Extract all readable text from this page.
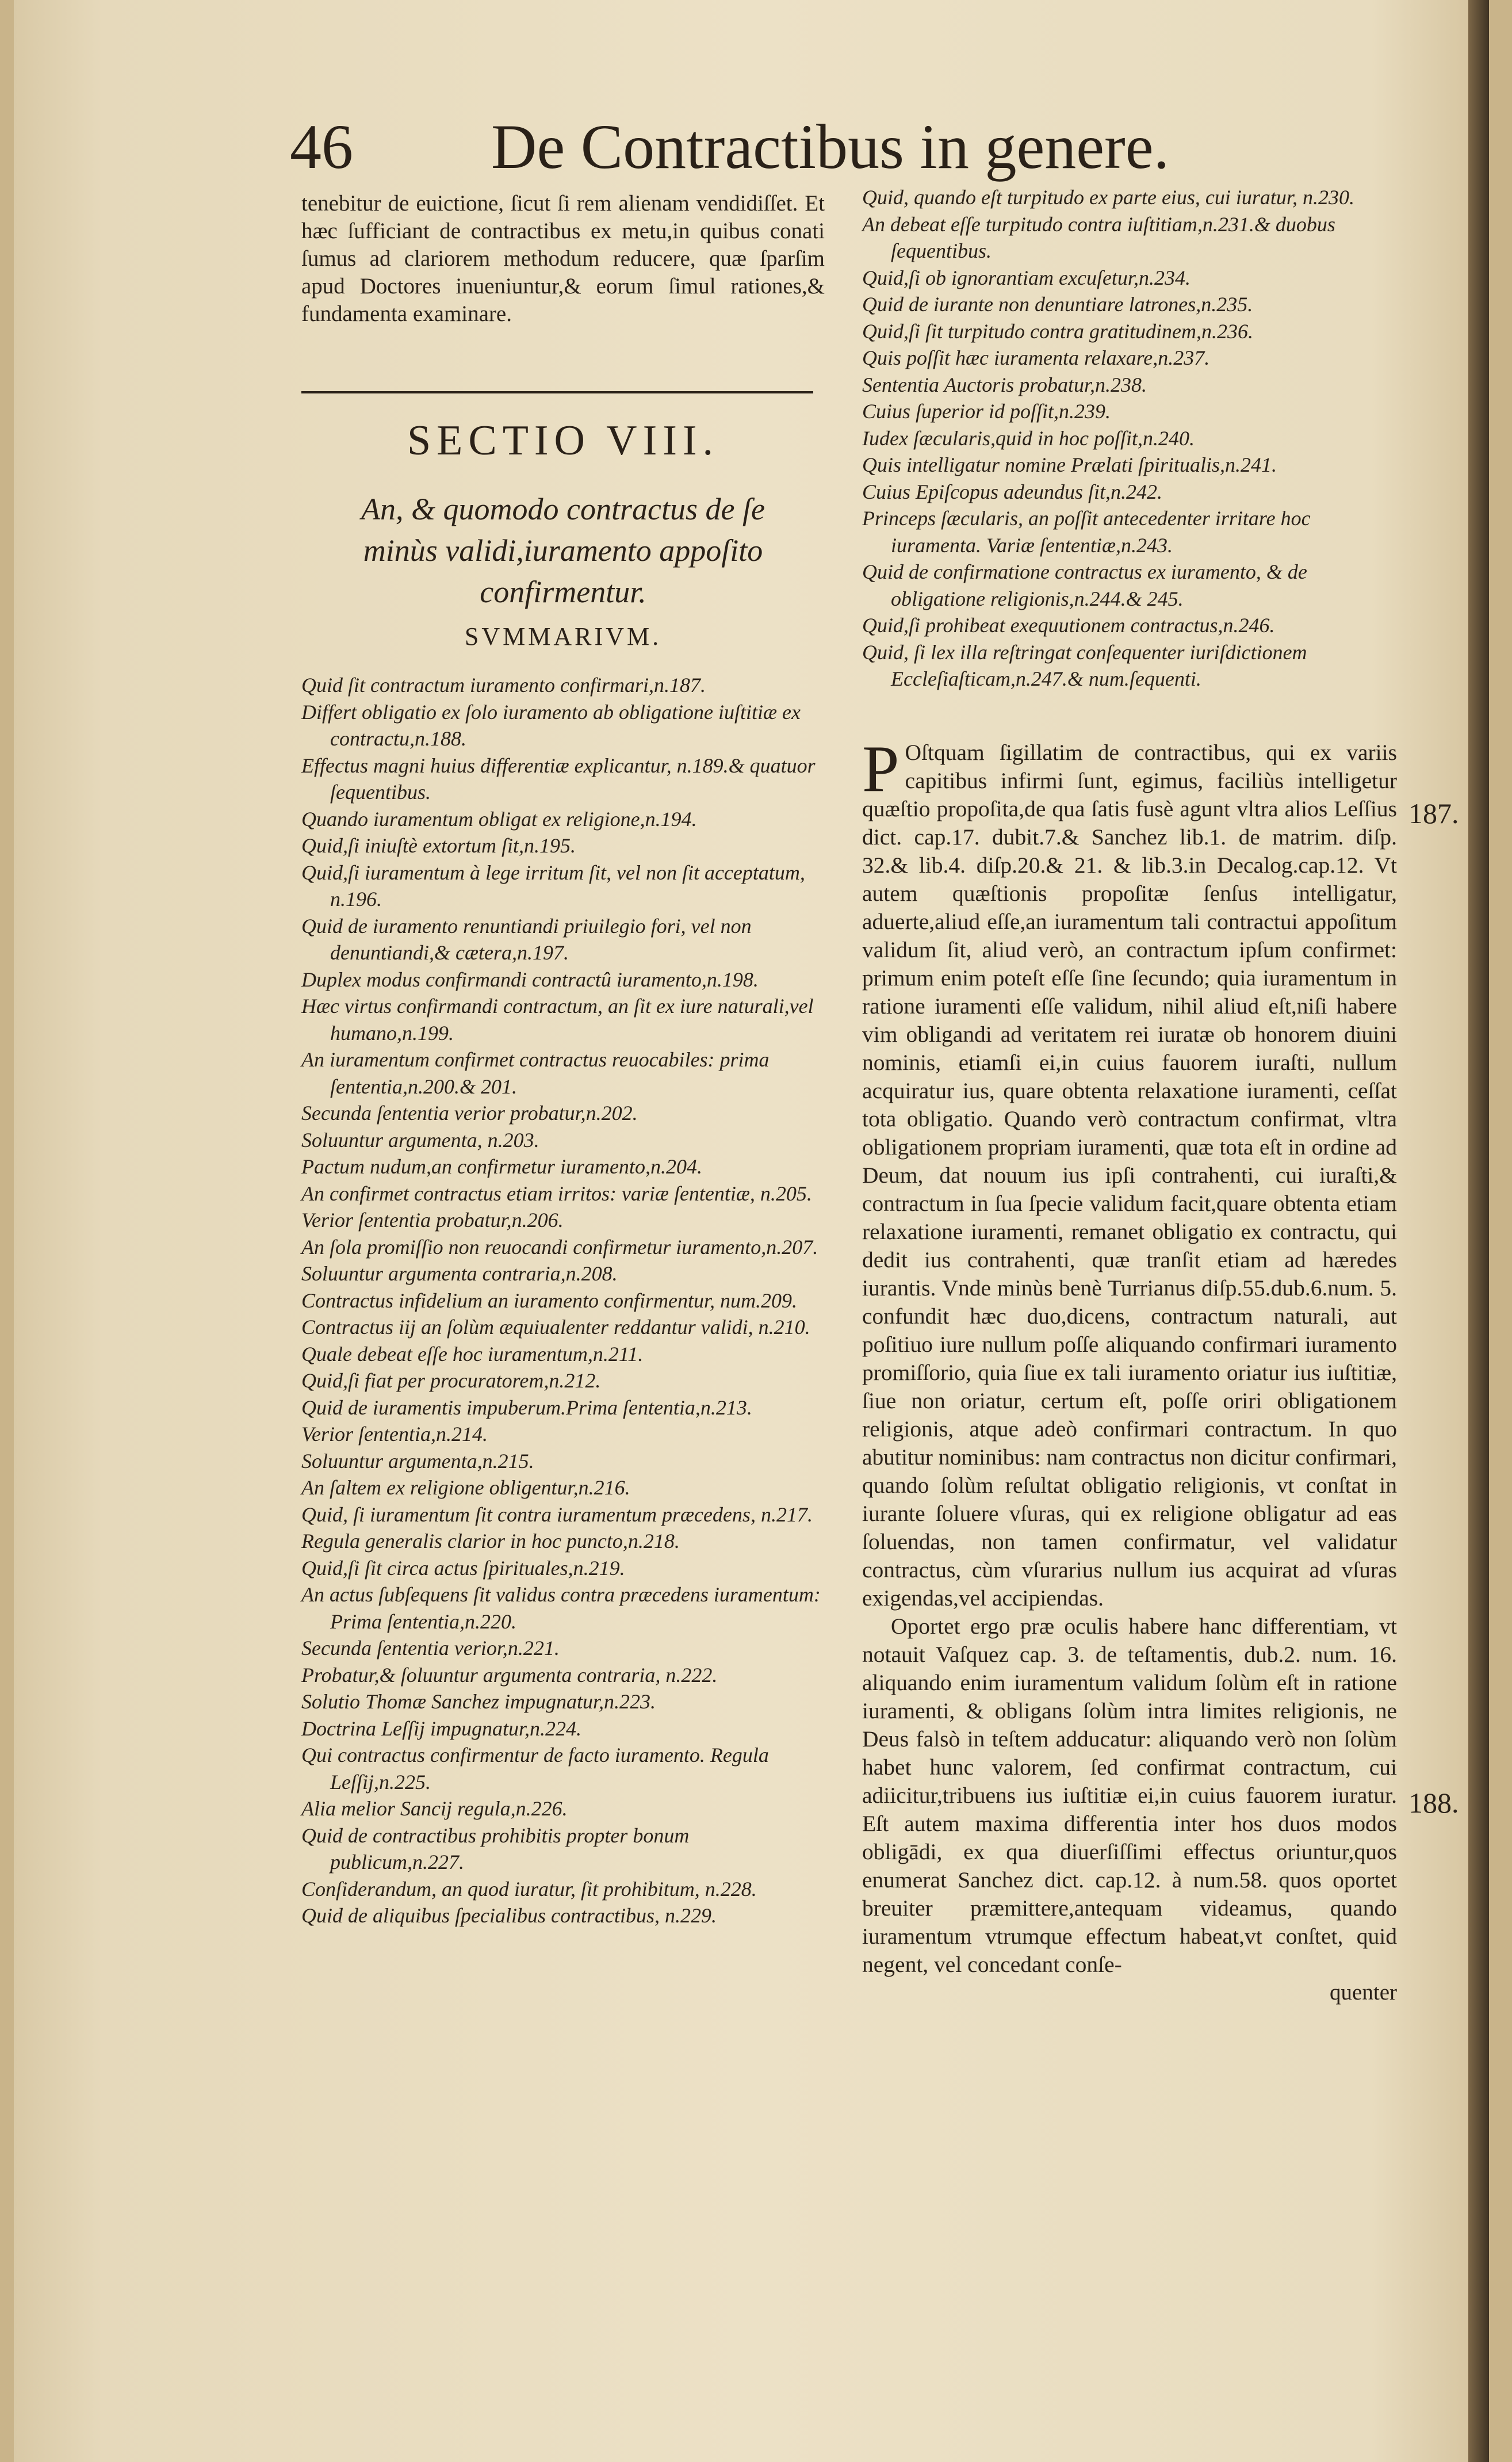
46 De Contractibus in genere.

tenebitur de euictione, ſicut ſi rem alienam vendidiſſet. Et hæc ſufficiant de contractibus ex metu,in quibus conati ſumus ad clariorem methodum reducere, quæ ſparſim apud Doctores inueniuntur,& eorum ſimul rationes,& fundamenta examinare.

SECTIO VIII.
An, & quomodo contractus de ſe minùs validi,iuramento appoſito confirmentur.
SVMMARIVM.
Quid ſit contractum iuramento confirmari,n.187.
Differt obligatio ex ſolo iuramento ab obligatione iuſtitiæ ex contractu,n.188.
Effectus magni huius differentiæ explicantur, n.189.& quatuor ſequentibus.
Quando iuramentum obligat ex religione,n.194.
Quid,ſi iniuſtè extortum ſit,n.195.
Quid,ſi iuramentum à lege irritum ſit, vel non ſit acceptatum, n.196.
Quid de iuramento renuntiandi priuilegio fori, vel non denuntiandi,& cætera,n.197.
Duplex modus confirmandi contractû iuramento,n.198.
Hæc virtus confirmandi contractum, an ſit ex iure naturali,vel humano,n.199.
An iuramentum confirmet contractus reuocabiles: prima ſententia,n.200.& 201.
Secunda ſententia verior probatur,n.202.
Soluuntur argumenta, n.203.
Pactum nudum,an confirmetur iuramento,n.204.
An confirmet contractus etiam irritos: variæ ſententiæ, n.205.
Verior ſententia probatur,n.206.
An ſola promiſſio non reuocandi confirmetur iuramento,n.207.
Soluuntur argumenta contraria,n.208.
Contractus infidelium an iuramento confirmentur, num.209.
Contractus iij an ſolùm æquiualenter reddantur validi, n.210.
Quale debeat eſſe hoc iuramentum,n.211.
Quid,ſi fiat per procuratorem,n.212.
Quid de iuramentis impuberum.Prima ſententia,n.213.
Verior ſententia,n.214.
Soluuntur argumenta,n.215.
An ſaltem ex religione obligentur,n.216.
Quid, ſi iuramentum ſit contra iuramentum præcedens, n.217.
Regula generalis clarior in hoc puncto,n.218.
Quid,ſi ſit circa actus ſpirituales,n.219.
An actus ſubſequens ſit validus contra præcedens iuramentum: Prima ſententia,n.220.
Secunda ſententia verior,n.221.
Probatur,& ſoluuntur argumenta contraria, n.222.
Solutio Thomæ Sanchez impugnatur,n.223.
Doctrina Leſſij impugnatur,n.224.
Qui contractus confirmentur de facto iuramento. Regula Leſſij,n.225.
Alia melior Sancij regula,n.226.
Quid de contractibus prohibitis propter bonum publicum,n.227.
Conſiderandum, an quod iuratur, ſit prohibitum, n.228.
Quid de aliquibus ſpecialibus contractibus, n.229.
Quid, quando eſt turpitudo ex parte eius, cui iuratur, n.230.
An debeat eſſe turpitudo contra iuſtitiam,n.231.& duobus ſequentibus.
Quid,ſi ob ignorantiam excuſetur,n.234.
Quid de iurante non denuntiare latrones,n.235.
Quid,ſi ſit turpitudo contra gratitudinem,n.236.
Quis poſſit hæc iuramenta relaxare,n.237.
Sententia Auctoris probatur,n.238.
Cuius ſuperior id poſſit,n.239.
Iudex ſæcularis,quid in hoc poſſit,n.240.
Quis intelligatur nomine Prælati ſpiritualis,n.241.
Cuius Epiſcopus adeundus ſit,n.242.
Princeps ſæcularis, an poſſit antecedenter irritare hoc iuramenta. Variæ ſententiæ,n.243.
Quid de confirmatione contractus ex iuramento, & de obligatione religionis,n.244.& 245.
Quid,ſi prohibeat exequutionem contractus,n.246.
Quid, ſi lex illa reſtringat conſequenter iuriſdictionem Eccleſiaſticam,n.247.& num.ſequenti.

P Oſtquam ſigillatim de contractibus, qui ex variis capitibus infirmi ſunt, egimus, faciliùs intelligetur quæſtio propoſita,de qua ſatis fusè agunt vltra alios Leſſius dict. cap.17. dubit.7.& Sanchez lib.1. de matrim. diſp. 32.& lib.4. diſp.20.& 21. & lib.3.in Decalog.cap.12. Vt autem quæſtionis propoſitæ ſenſus intelligatur, aduerte,aliud eſſe,an iuramentum tali contractui appoſitum validum ſit, aliud verò, an contractum ipſum confirmet: primum enim poteſt eſſe ſine ſecundo; quia iuramentum in ratione iuramenti eſſe validum, nihil aliud eſt,niſi habere vim obligandi ad veritatem rei iuratæ ob honorem diuini nominis, etiamſi ei,in cuius fauorem iuraſti, nullum acquiratur ius, quare obtenta relaxatione iuramenti, ceſſat tota obligatio. Quando verò contractum confirmat, vltra obligationem propriam iuramenti, quæ tota eſt in ordine ad Deum, dat nouum ius ipſi contrahenti, cui iuraſti,& contractum in ſua ſpecie validum facit,quare obtenta etiam relaxatione iuramenti, remanet obligatio ex contractu, qui dedit ius contrahenti, quæ tranſit etiam ad hæredes iurantis. Vnde minùs benè Turrianus diſp.55.dub.6.num. 5. confundit hæc duo,dicens, contractum naturali, aut poſitiuo iure nullum poſſe aliquando confirmari iuramento promiſſorio, quia ſiue ex tali iuramento oriatur ius iuſtitiæ, ſiue non oriatur, certum eſt, poſſe oriri obligationem religionis, atque adeò confirmari contractum. In quo abutitur nominibus: nam contractus non dicitur confirmari, quando ſolùm reſultat obligatio religionis, vt conſtat in iurante ſoluere vſuras, qui ex religione obligatur ad eas ſoluendas, non tamen confirmatur, vel validatur contractus, cùm vſurarius nullum ius acquirat ad vſuras exigendas,vel accipiendas.

Oportet ergo præ oculis habere hanc differentiam, vt notauit Vaſquez cap. 3. de teſtamentis, dub.2. num. 16. aliquando enim iuramentum validum ſolùm eſt in ratione iuramenti, & obligans ſolùm intra limites religionis, ne Deus falsò in teſtem adducatur: aliquando verò non ſolùm habet hunc valorem, ſed confirmat contractum, cui adiicitur,tribuens ius iuſtitiæ ei,in cuius fauorem iuratur. Eſt autem maxima differentia inter hos duos modos obligādi, ex qua diuerſiſſimi effectus oriuntur,quos enumerat Sanchez dict. cap.12. à num.58. quos oportet breuiter præmittere,antequam videamus, quando iuramentum vtrumque effectum habeat,vt conſtet, quid negent, vel concedant conſe-

quenter

187.
188.
